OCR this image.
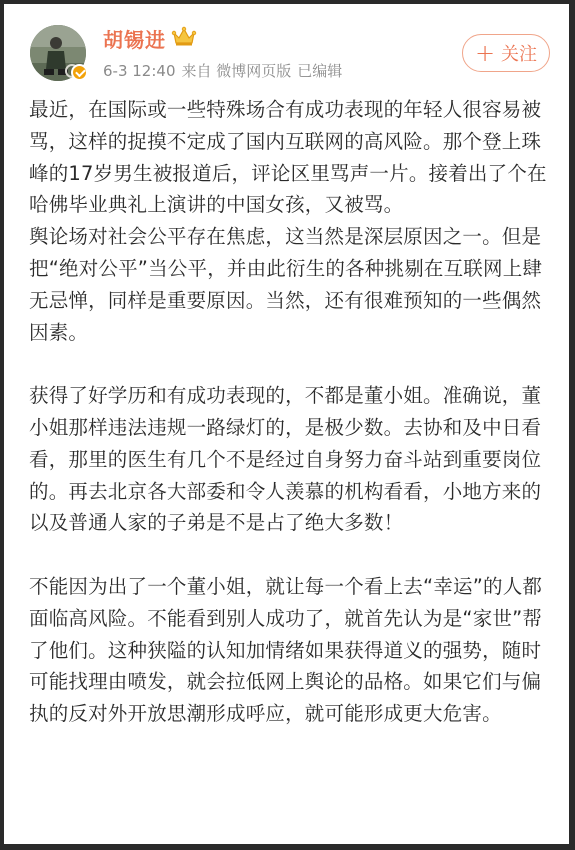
胡锡进
6-3 12:40 来自 微博网页版 已编辑
+ 关注

最近，在国际或一些特殊场合有成功表现的年轻人很容易被骂，这样的捉摸不定成了国内互联网的高风险。那个登上珠峰的17岁男生被报道后，评论区里骂声一片。接着出了个在哈佛毕业典礼上演讲的中国女孩，又被骂。

舆论场对社会公平存在焦虑，这当然是深层原因之一。但是把“绝对公平”当公平，并由此衍生的各种挑剔在互联网上肆无忌惮，同样是重要原因。当然，还有很难预知的一些偶然因素。

获得了好学历和有成功表现的，不都是董小姐。准确说，董小姐那样违法违规一路绿灯的，是极少数。去协和及中日看看，那里的医生有几个不是经过自身努力奋斗站到重要岗位的。再去北京各大部委和令人羡慕的机构看看，小地方来的以及普通人家的子弟是不是占了绝大多数！

不能因为出了一个董小姐，就让每一个看上去“幸运”的人都面临高风险。不能看到别人成功了，就首先认为是“家世”帮了他们。这种狭隘的认知加情绪如果获得道义的强势，随时可能找理由喷发，就会拉低网上舆论的品格。如果它们与偏执的反对外开放思潮形成呼应，就可能形成更大危害。
